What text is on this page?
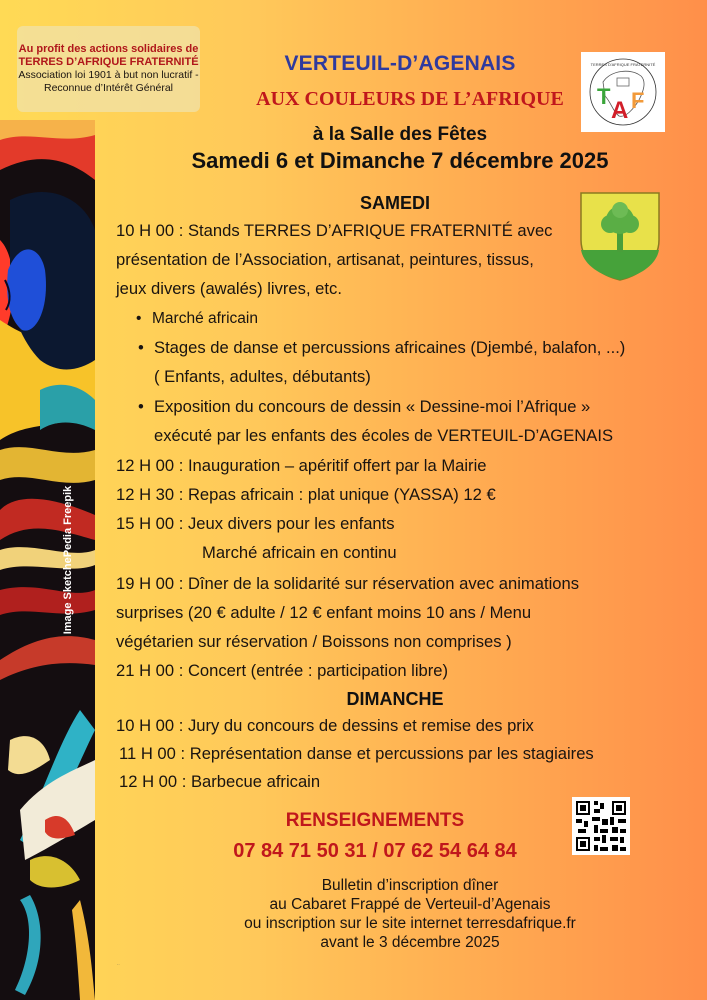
Image SketchePedia Freepik
Au profit des actions solidaires de
TERRES D’AFRIQUE FRATERNITÉ
Association loi 1901 à but non lucratif -
Reconnue d’Intérêt Général
VERTEUIL-D’AGENAIS
AUX COULEURS DE L’AFRIQUE
à la Salle des Fêtes
Samedi 6 et Dimanche 7 décembre 2025
TERRES D'AFRIQUE FRATERNITÉ
T
A F
SAMEDI
10 H 00 : Stands TERRES D’AFRIQUE FRATERNITÉ avec
présentation de l’Association, artisanat, peintures, tissus,
jeux divers (awalés) livres, etc.
• Marché africain
• Stages de danse et percussions africaines (Djembé, balafon, ...)
( Enfants, adultes, débutants)
• Exposition du concours de dessin « Dessine-moi l’Afrique »
exécuté par les enfants des écoles de VERTEUIL-D’AGENAIS
12 H 00 : Inauguration – apéritif offert par la Mairie
12 H 30 : Repas africain : plat unique (YASSA) 12 €
15 H 00 : Jeux divers pour les enfants
Marché africain en continu
19 H 00 : Dîner de la solidarité sur réservation avec animations
surprises (20 € adulte / 12 € enfant moins 10 ans / Menu
végétarien sur réservation / Boissons non comprises )
21 H 00 : Concert (entrée : participation libre)
DIMANCHE
10 H 00 : Jury du concours de dessins et remise des prix
11 H 00 : Représentation danse et percussions par les stagiaires
12 H 00 : Barbecue africain
RENSEIGNEMENTS
07 84 71 50 31 / 07 62 54 64 84
Bulletin d’inscription dîner
au Cabaret Frappé de Verteuil-d’Agenais
ou inscription sur le site internet terresdafrique.fr
avant le 3 décembre 2025
··
